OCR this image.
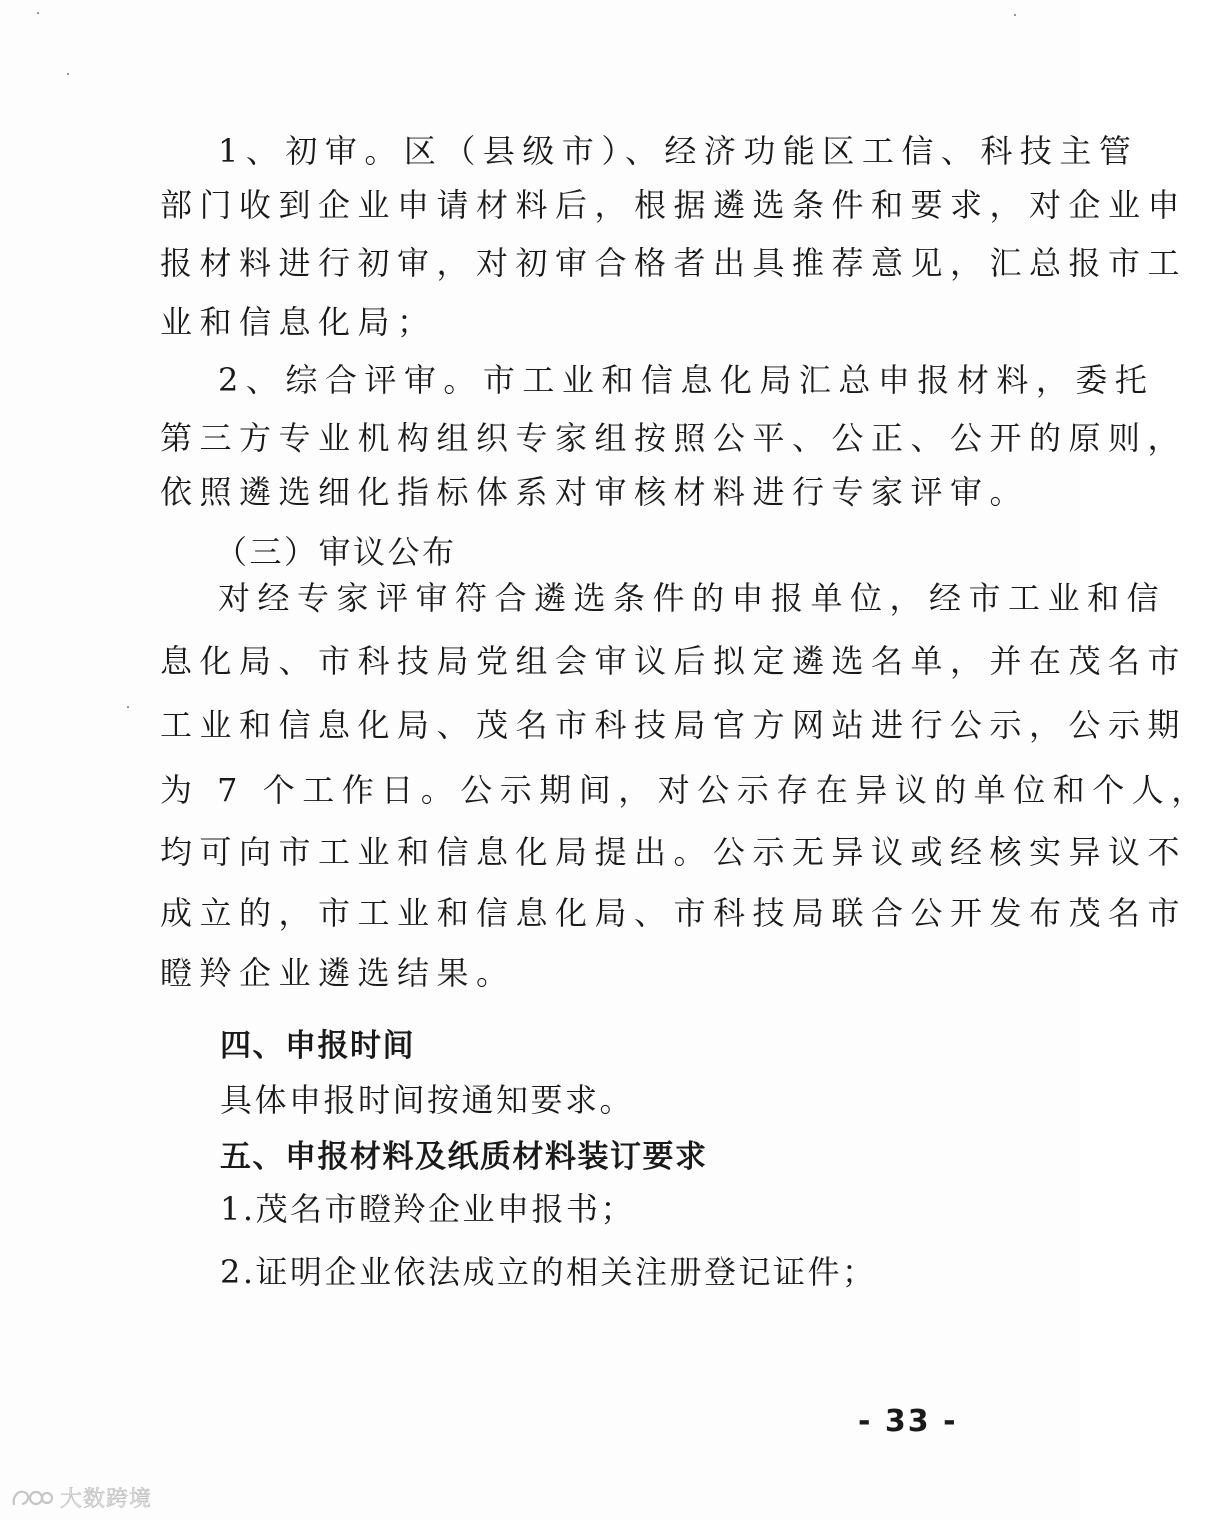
1、初审。区（县级市）、经济功能区工信、科技主管
部门收到企业申请材料后，根据遴选条件和要求，对企业申
报材料进行初审，对初审合格者出具推荐意见，汇总报市工
业和信息化局；
2、综合评审。市工业和信息化局汇总申报材料，委托
第三方专业机构组织专家组按照公平、公正、公开的原则，
依照遴选细化指标体系对审核材料进行专家评审。
（三）审议公布
对经专家评审符合遴选条件的申报单位，经市工业和信
息化局、市科技局党组会审议后拟定遴选名单，并在茂名市
工业和信息化局、茂名市科技局官方网站进行公示，公示期
为 7 个工作日。公示期间，对公示存在异议的单位和个人，
均可向市工业和信息化局提出。公示无异议或经核实异议不
成立的，市工业和信息化局、市科技局联合公开发布茂名市
瞪羚企业遴选结果。
四、申报时间
具体申报时间按通知要求。
五、申报材料及纸质材料装订要求
1.茂名市瞪羚企业申报书；
2.证明企业依法成立的相关注册登记证件；
- 33 -
大数跨境
